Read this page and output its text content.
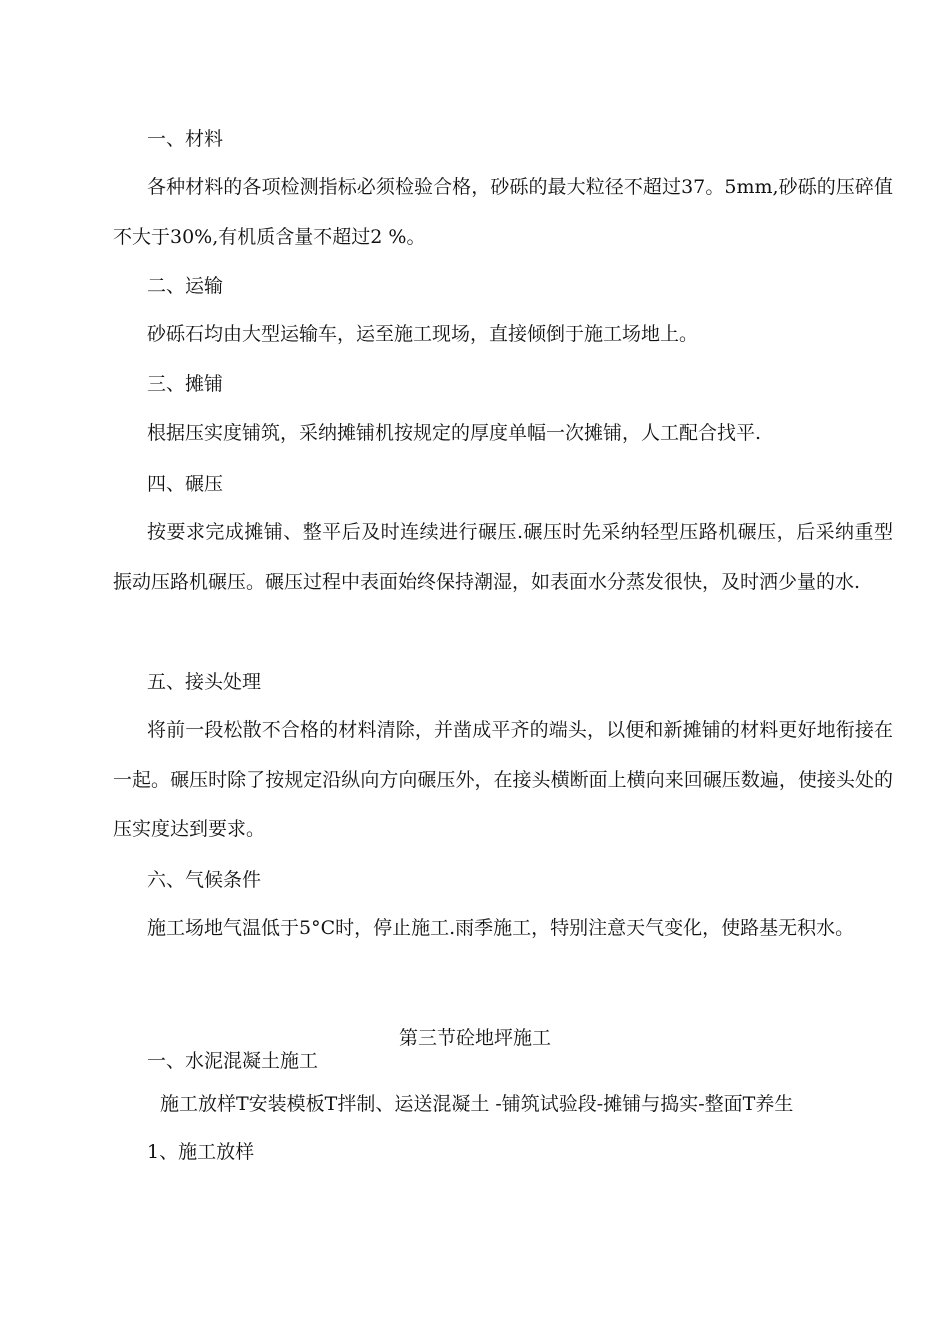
一、材料
各种材料的各项检测指标必须检验合格，砂砾的最大粒径不超过37。5mm,砂砾的压碎值不大于30%,有机质含量不超过2 %。
二、运输
砂砾石均由大型运输车，运至施工现场，直接倾倒于施工场地上。
三、摊铺
根据压实度铺筑，采纳摊铺机按规定的厚度单幅一次摊铺，人工配合找平.
四、碾压
按要求完成摊铺、整平后及时连续进行碾压.碾压时先采纳轻型压路机碾压，后采纳重型振动压路机碾压。碾压过程中表面始终保持潮湿，如表面水分蒸发很快，及时洒少量的水.
五、接头处理
将前一段松散不合格的材料清除，并凿成平齐的端头，以便和新摊铺的材料更好地衔接在一起。碾压时除了按规定沿纵向方向碾压外，在接头横断面上横向来回碾压数遍，使接头处的压实度达到要求。
六、气候条件
施工场地气温低于5°C时，停止施工.雨季施工，特别注意天气变化，使路基无积水。
第三节砼地坪施工
一、水泥混凝土施工
施工放样T安装模板T拌制、运送混凝土 -铺筑试验段-摊铺与捣实-整面T养生
1、施工放样
